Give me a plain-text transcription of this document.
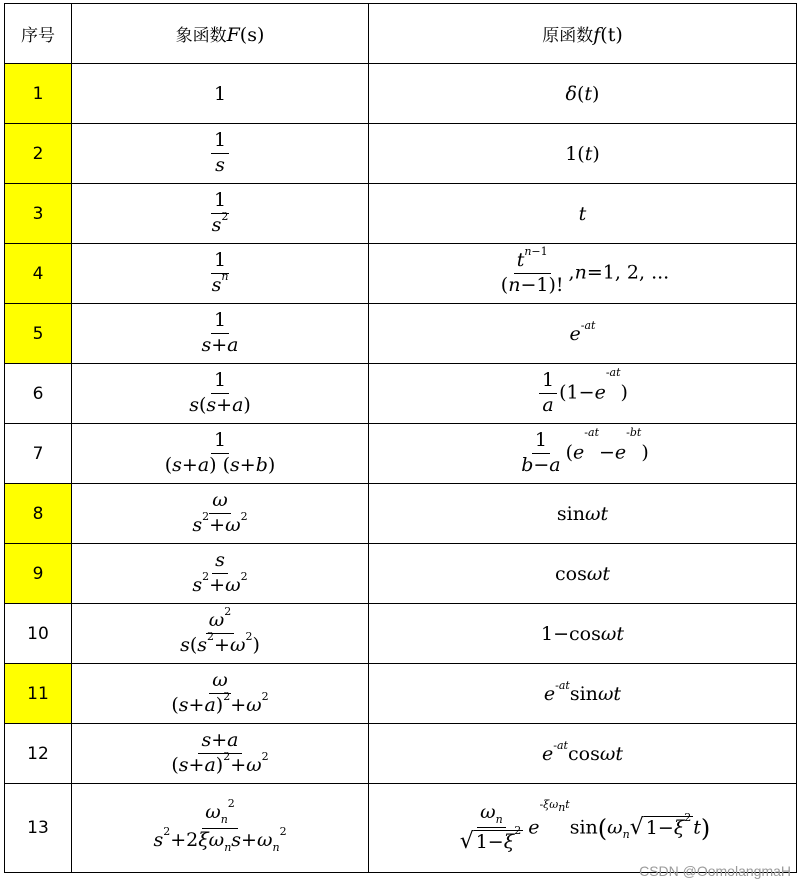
序号	象函数F(s)	原函数f(t)
1	1	δ(t)
2	$\frac{1}{s}$	1(t)
3	$\frac{1}{s^2}$	t
4	$\frac{1}{s^n}$	$\frac{t^{n-1}}{(n-1)!} ,n=1$, 2, ...
5	$\frac{1}{s+a}$	$e^{-at}$
6	$\frac{1}{s(s+a)}$	$\frac{1}{a} (1-e^{-at})$
7	$\frac{1}{(s+a) (s+b)}$	$\frac{1}{b-a} (e^{-at}-e^{-bt})$
8	$\frac{\omega}{s^2+\omega^2}$	sinωt
9	$\frac{s}{s^2+\omega^2}$	cosωt
10	$\frac{\omega^2}{s(s^2+\omega^2)}$	1−cosωt
11	$\frac{\omega}{(s+a)^2+\omega^2}$	$e^{-at}\sin\omega t$
12	$\frac{s+a}{(s+a)^2+\omega^2}$	$e^{-at}\cos\omega t$
13	$\frac{\omega_n^2}{s^2+2\xi\omega_ns+\omega_n^2}$	$\frac{\omega_n}{√ 1-\xi^2} e^{-\xi\omega_nt}\sin(\omega_n√$ $1-\xi^2$ t)
CSDN @OomolangmaH
